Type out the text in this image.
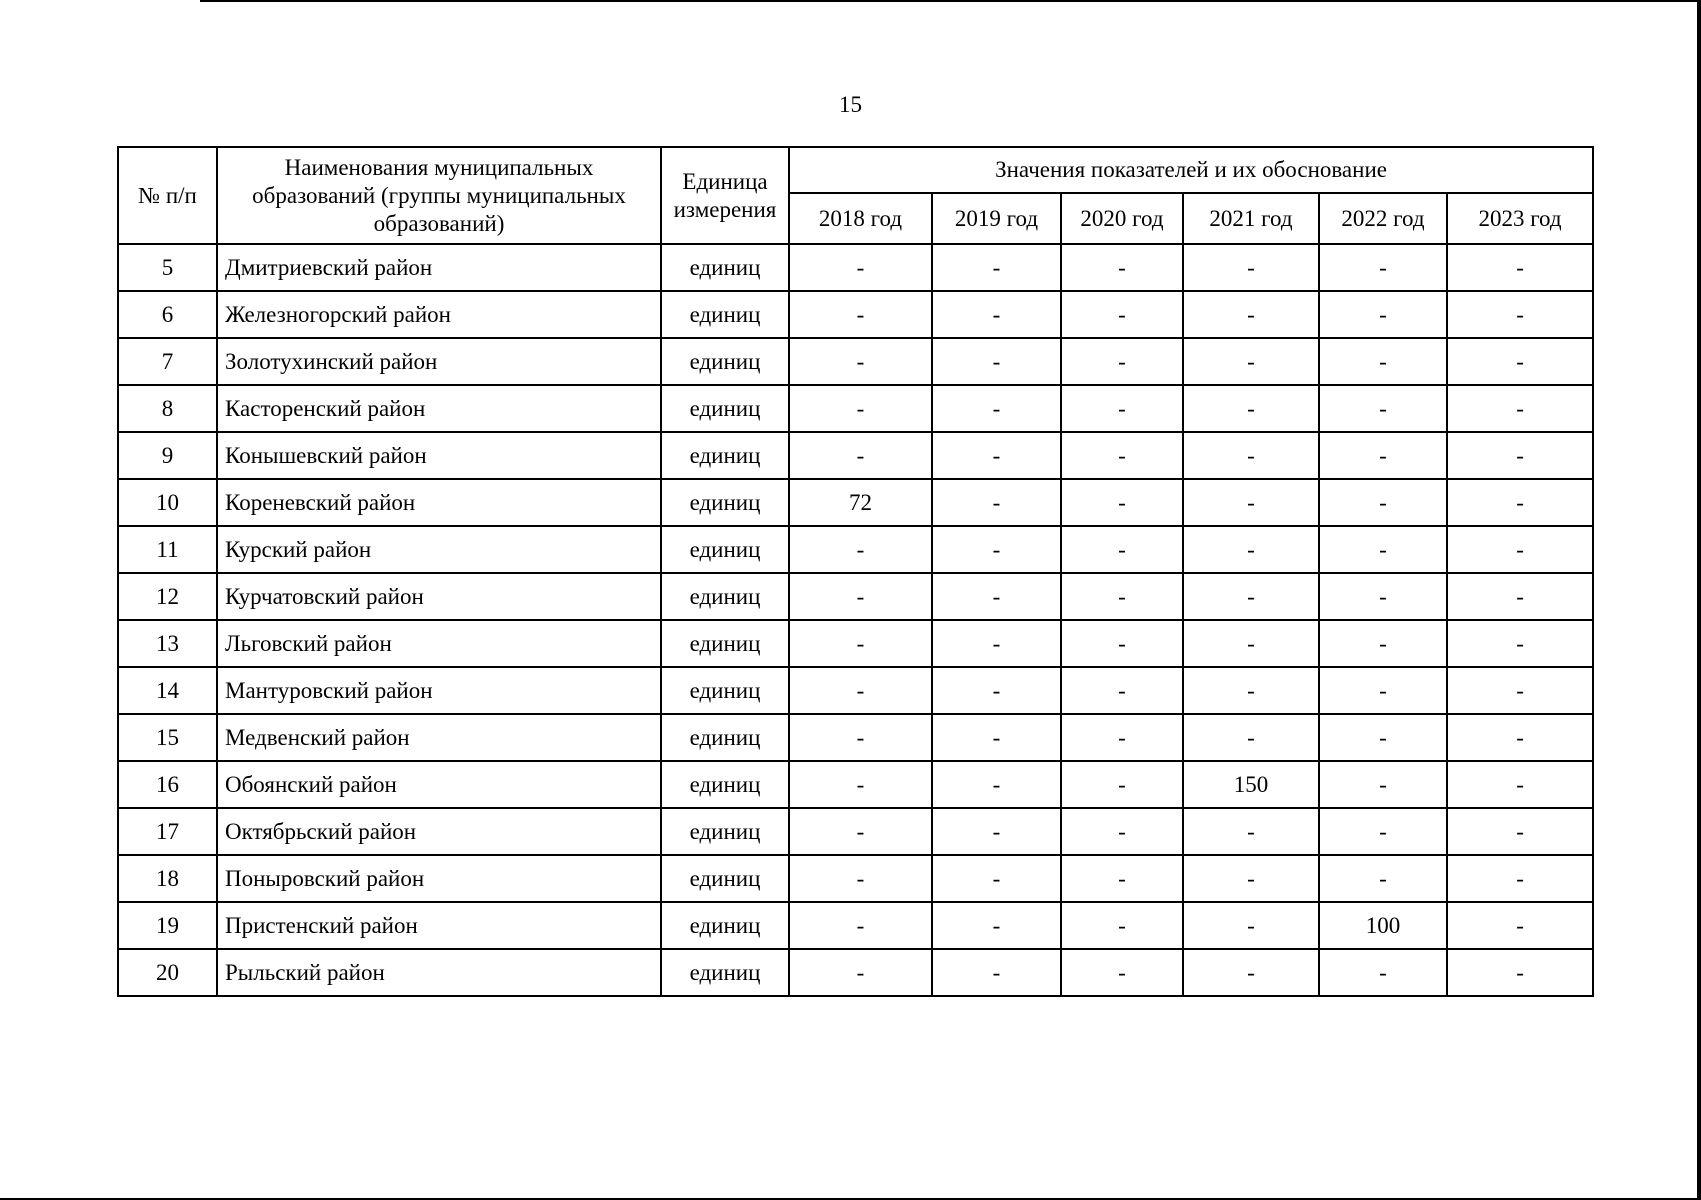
15
№ п/п	Наименования муниципальных образований (группы муниципальных образований)	Единица измерения	Значения показателей и их обоснование					
			2018 год	2019 год	2020 год	2021 год	2022 год	2023 год
5	Дмитриевский район	единиц	-	-	-	-	-	-
6	Железногорский район	единиц	-	-	-	-	-	-
7	Золотухинский район	единиц	-	-	-	-	-	-
8	Касторенский район	единиц	-	-	-	-	-	-
9	Конышевский район	единиц	-	-	-	-	-	-
10	Кореневский район	единиц	72	-	-	-	-	-
11	Курский район	единиц	-	-	-	-	-	-
12	Курчатовский район	единиц	-	-	-	-	-	-
13	Льговский район	единиц	-	-	-	-	-	-
14	Мантуровский район	единиц	-	-	-	-	-	-
15	Медвенский район	единиц	-	-	-	-	-	-
16	Обоянский район	единиц	-	-	-	150	-	-
17	Октябрьский район	единиц	-	-	-	-	-	-
18	Поныровский район	единиц	-	-	-	-	-	-
19	Пристенский район	единиц	-	-	-	-	100	-
20	Рыльский район	единиц	-	-	-	-	-	-
